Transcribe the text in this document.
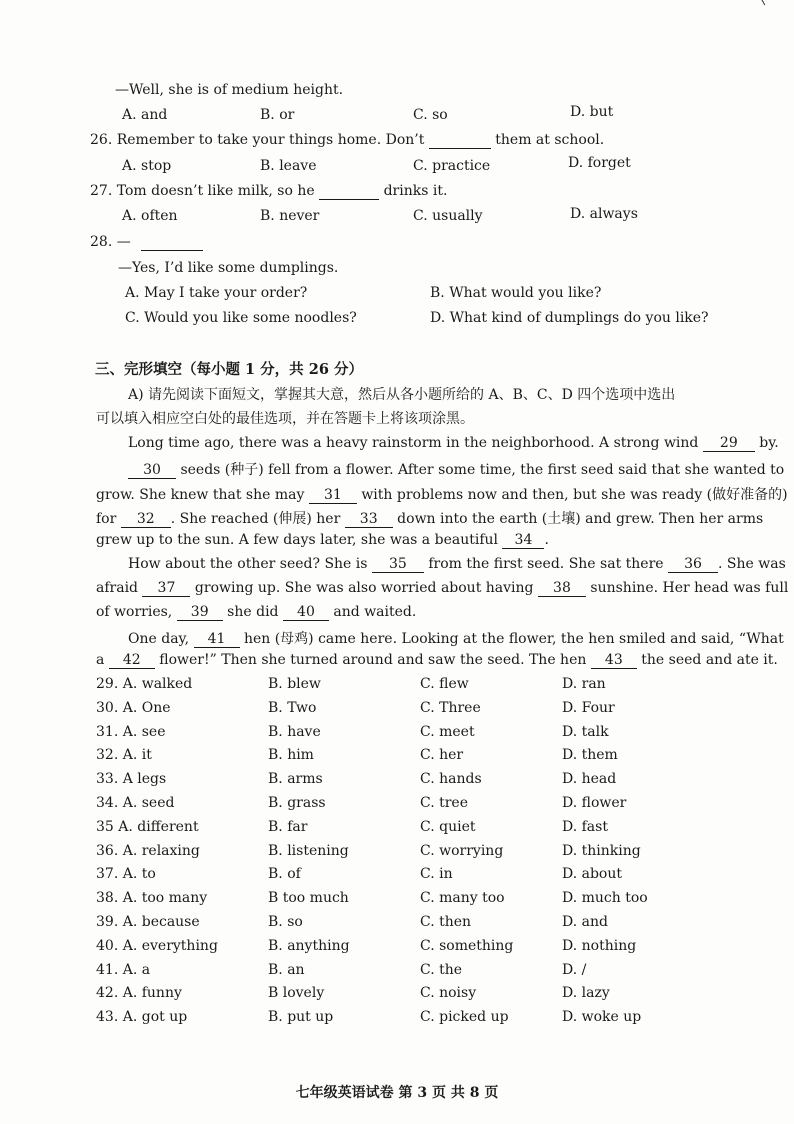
—Well, she is of medium height.
A. and	B. or	C. so	D. but
26. Remember to take your things home. Don’t	them at school.
A. stop	B. leave	C. practice	D. forget
27. Tom doesn’t like milk, so he	drinks it.
A. often	B. never	C. usually	D. always
28. —
—Yes, I’d like some dumplings.
A. May I take your order?	B. What would you like?
C. Would you like some noodles?	D. What kind of dumplings do you like?
三、完形填空（每小题 1 分，共 26 分）
A) 请先阅读下面短文，掌握其大意，然后从各小题所给的 A、B、C、D 四个选项中选出
可以填入相应空白处的最佳选项，并在答题卡上将该项涂黑。
Long time ago, there was a heavy rainstorm in the neighborhood. A strong wind 29 by.
30 seeds (种子) fell from a flower. After some time, the first seed said that she wanted to
grow. She knew that she may 31 with problems now and then, but she was ready (做好准备的)
for 32 . She reached (伸展) her 33 down into the earth (土壤) and grew. Then her arms
grew up to the sun. A few days later, she was a beautiful 34 .
How about the other seed? She is 35 from the first seed. She sat there 36 . She was
afraid 37 growing up. She was also worried about having 38 sunshine. Her head was full
of worries, 39 she did 40 and waited.
One day, 41 hen (母鸡) came here. Looking at the flower, the hen smiled and said, “What
a 42 flower!” Then she turned around and saw the seed. The hen 43 the seed and ate it.
29. A. walked	B. blew	C. flew	D. ran
30. A. One	B. Two	C. Three	D. Four
31. A. see	B. have	C. meet	D. talk
32. A. it	B. him	C. her	D. them
33. A legs	B. arms	C. hands	D. head
34. A. seed	B. grass	C. tree	D. flower
35 A. different	B. far	C. quiet	D. fast
36. A. relaxing	B. listening	C. worrying	D. thinking
37. A. to	B. of	C. in	D. about
38. A. too many	B too much	C. many too	D. much too
39. A. because	B. so	C. then	D. and
40. A. everything	B. anything	C. something	D. nothing
41. A. a	B. an	C. the	D. /
42. A. funny	B lovely	C. noisy	D. lazy
43. A. got up	B. put up	C. picked up	D. woke up
七年级英语试卷 第 3 页 共 8 页
